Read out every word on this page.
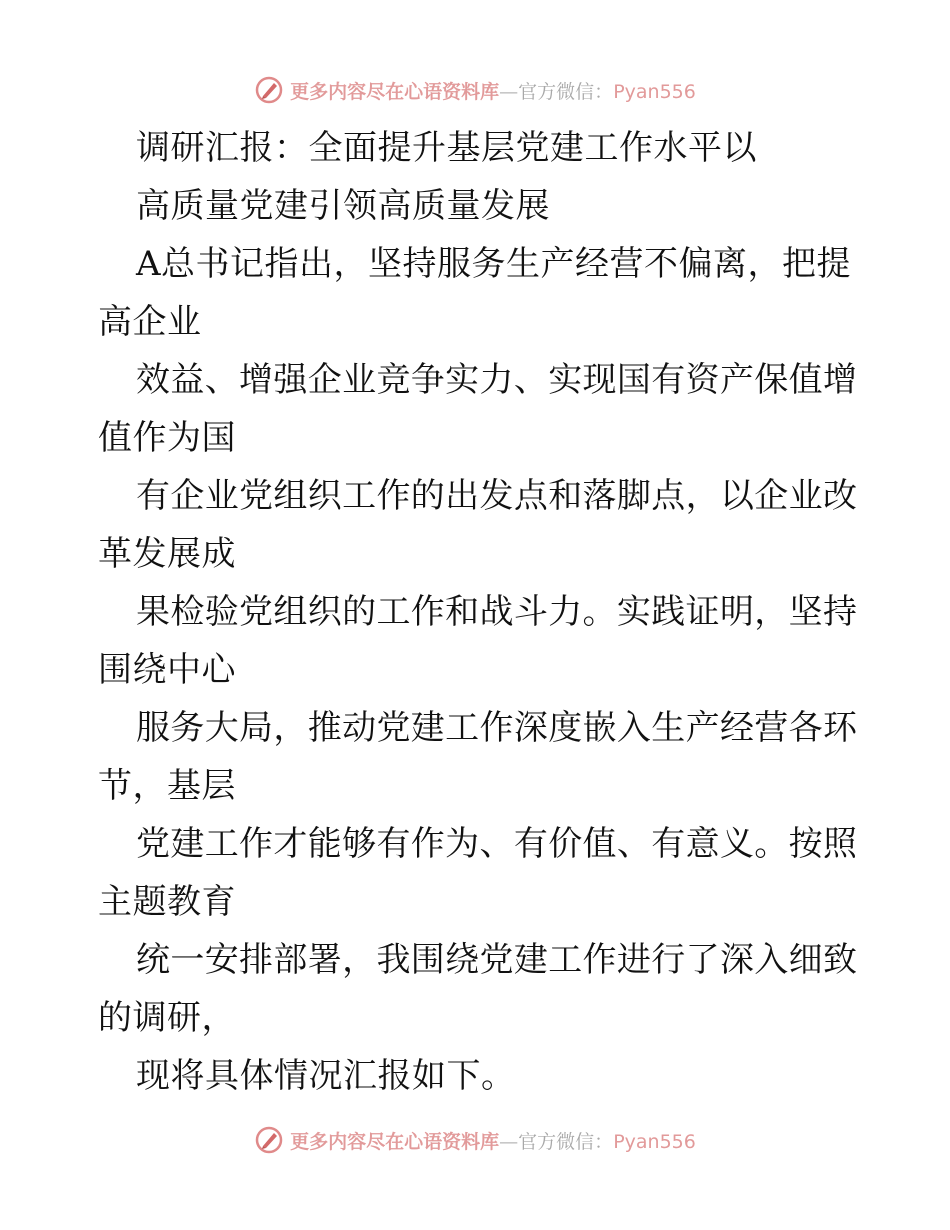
更多内容尽在心语资料库—官方微信：Pyan556
调研汇报：全面提升基层党建工作水平以
高质量党建引领高质量发展
A总书记指出，坚持服务生产经营不偏离，把提
高企业
效益、增强企业竞争实力、实现国有资产保值增
值作为国
有企业党组织工作的出发点和落脚点，以企业改
革发展成
果检验党组织的工作和战斗力。实践证明，坚持
围绕中心
服务大局，推动党建工作深度嵌入生产经营各环
节，基层
党建工作才能够有作为、有价值、有意义。按照
主题教育
统一安排部署，我围绕党建工作进行了深入细致
的调研，
现将具体情况汇报如下。
更多内容尽在心语资料库—官方微信：Pyan556
